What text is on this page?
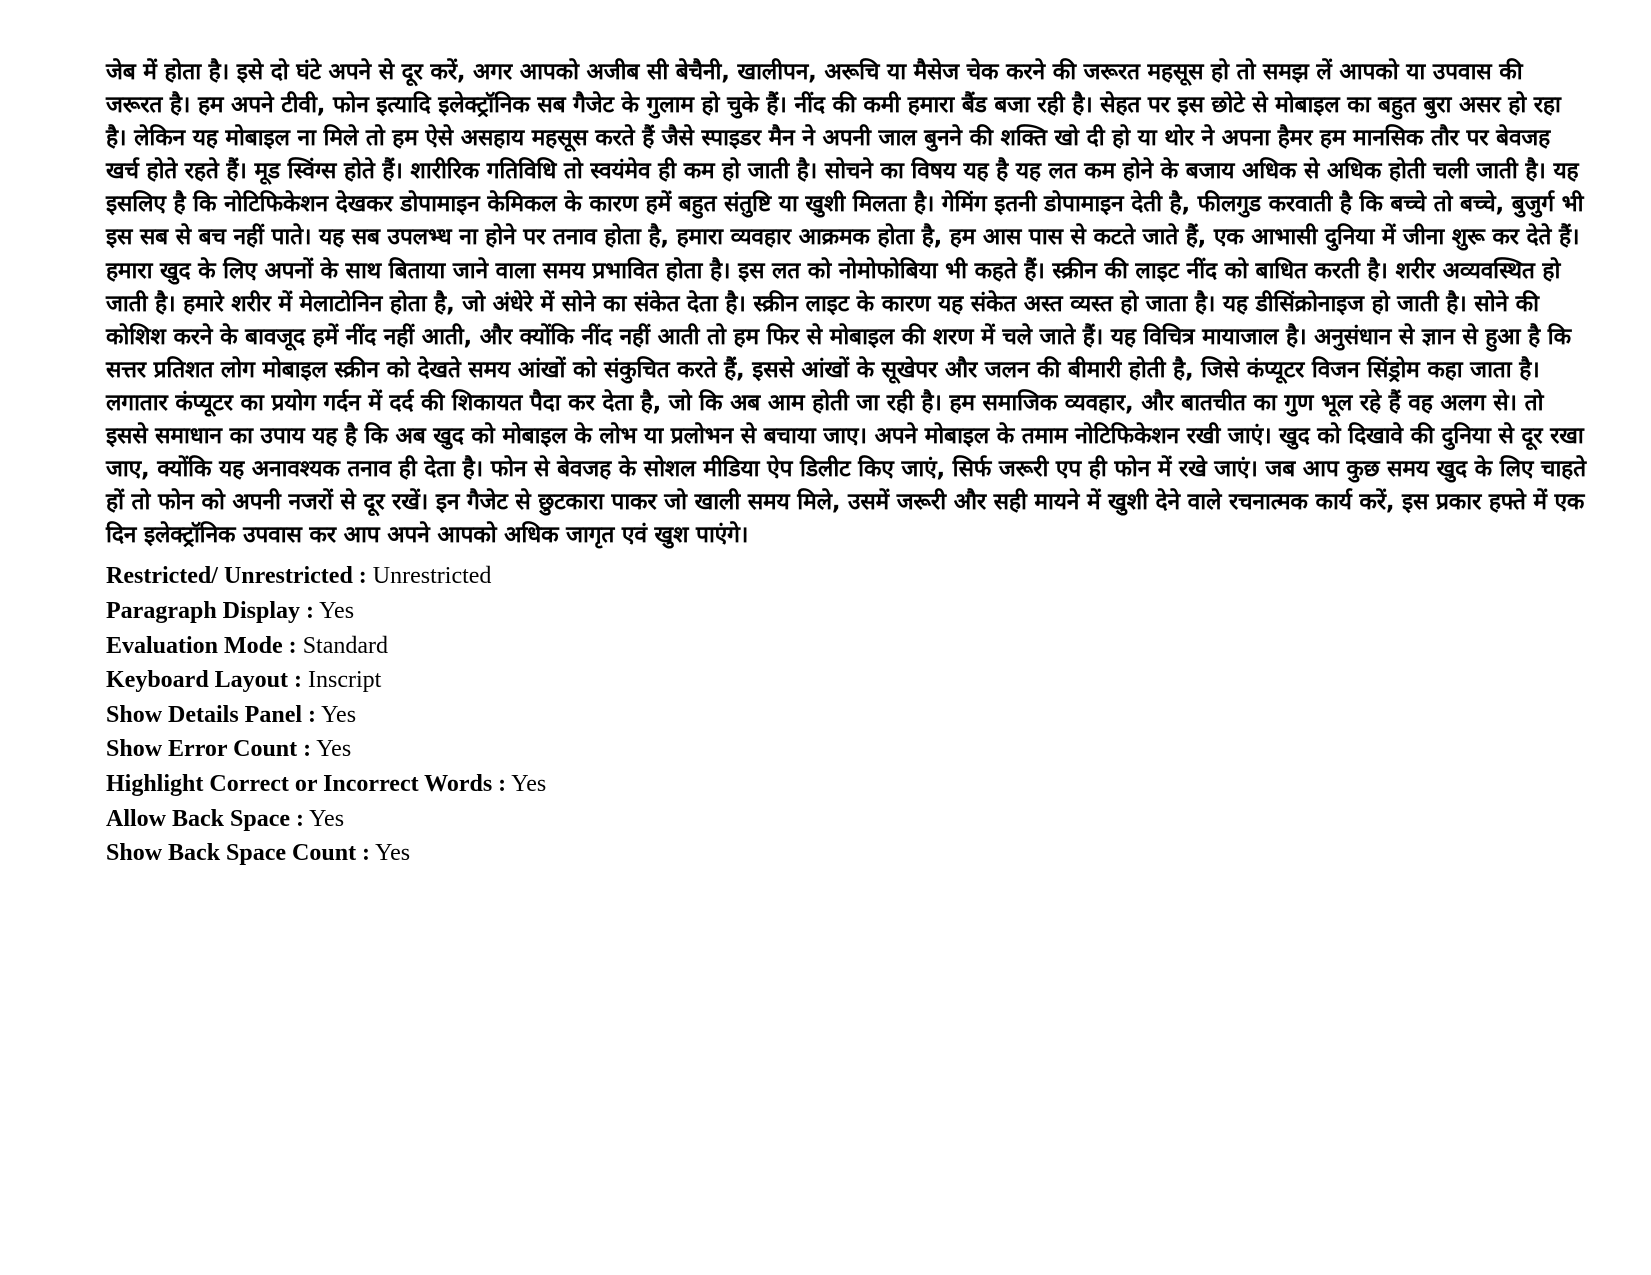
जेब में होता है। इसे दो घंटे अपने से दूर करें, अगर आपको अजीब सी बेचैनी, खालीपन, अरूचि या मैसेज चेक करने की जरूरत महसूस हो तो समझ लें आपको या उपवास की जरूरत है। हम अपने टीवी, फोन इत्यादि इलेक्ट्रॉनिक सब गैजेट के गुलाम हो चुके हैं। नींद की कमी हमारा बैंड बजा रही है। सेहत पर इस छोटे से मोबाइल का बहुत बुरा असर हो रहा है। लेकिन यह मोबाइल ना मिले तो हम ऐसे असहाय महसूस करते हैं जैसे स्पाइडर मैन ने अपनी जाल बुनने की शक्ति खो दी हो या थोर ने अपना हैमर हम मानसिक तौर पर बेवजह खर्च होते रहते हैं। मूड स्विंग्स होते हैं। शारीरिक गतिविधि तो स्वयंमेव ही कम हो जाती है। सोचने का विषय यह है यह लत कम होने के बजाय अधिक से अधिक होती चली जाती है। यह इसलिए है कि नोटिफिकेशन देखकर डोपामाइन केमिकल के कारण हमें बहुत संतुष्टि या खुशी मिलता है। गेमिंग इतनी डोपामाइन देती है, फीलगुड करवाती है कि बच्चे तो बच्चे, बुजुर्ग भी इस सब से बच नहीं पाते। यह सब उपलभ्ध ना होने पर तनाव होता है, हमारा व्यवहार आक्रमक होता है, हम आस पास से कटते जाते हैं, एक आभासी दुनिया में जीना शुरू कर देते हैं। हमारा खुद के लिए अपनों के साथ बिताया जाने वाला समय प्रभावित होता है। इस लत को नोमोफोबिया भी कहते हैं। स्क्रीन की लाइट नींद को बाधित करती है। शरीर अव्यवस्थित हो जाती है। हमारे शरीर में मेलाटोनिन होता है, जो अंधेरे में सोने का संकेत देता है। स्क्रीन लाइट के कारण यह संकेत अस्त व्यस्त हो जाता है। यह डीसिंक्रोनाइज हो जाती है। सोने की कोशिश करने के बावजूद हमें नींद नहीं आती, और क्योंकि नींद नहीं आती तो हम फिर से मोबाइल की शरण में चले जाते हैं। यह विचित्र मायाजाल है। अनुसंधान से ज्ञान से हुआ है कि सत्तर प्रतिशत लोग मोबाइल स्क्रीन को देखते समय आंखों को संकुचित करते हैं, इससे आंखों के सूखेपर और जलन की बीमारी होती है, जिसे कंप्यूटर विजन सिंड्रोम कहा जाता है। लगातार कंप्यूटर का प्रयोग गर्दन में दर्द की शिकायत पैदा कर देता है, जो कि अब आम होती जा रही है। हम समाजिक व्यवहार, और बातचीत का गुण भूल रहे हैं वह अलग से। तो इससे समाधान का उपाय यह है कि अब खुद को मोबाइल के लोभ या प्रलोभन से बचाया जाए। अपने मोबाइल के तमाम नोटिफिकेशन रखी जाएं। खुद को दिखावे की दुनिया से दूर रखा जाए, क्योंकि यह अनावश्यक तनाव ही देता है। फोन से बेवजह के सोशल मीडिया ऐप डिलीट किए जाएं, सिर्फ जरूरी एप ही फोन में रखे जाएं। जब आप कुछ समय खुद के लिए चाहते हों तो फोन को अपनी नजरों से दूर रखें। इन गैजेट से छुटकारा पाकर जो खाली समय मिले, उसमें जरूरी और सही मायने में खुशी देने वाले रचनात्मक कार्य करें, इस प्रकार हफ्ते में एक दिन इलेक्ट्रॉनिक उपवास कर आप अपने आपको अधिक जागृत एवं खुश पाएंगे।

Restricted/ Unrestricted : Unrestricted
Paragraph Display : Yes
Evaluation Mode : Standard
Keyboard Layout : Inscript
Show Details Panel : Yes
Show Error Count : Yes
Highlight Correct or Incorrect Words : Yes
Allow Back Space : Yes
Show Back Space Count : Yes
